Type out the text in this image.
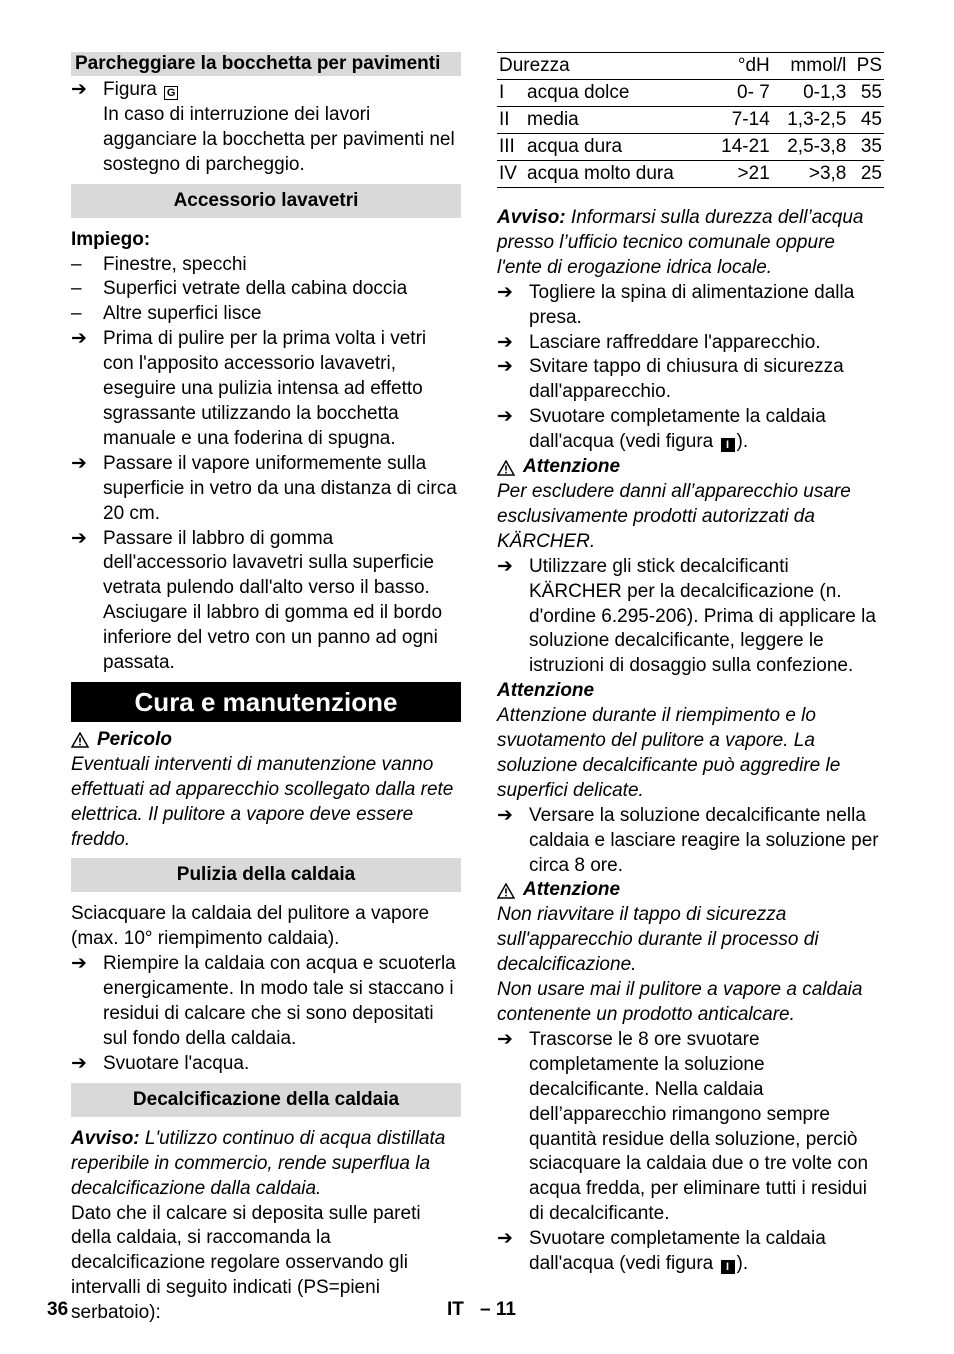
Parcheggiare la bocchetta per pavimenti
➔ Figura G
In caso di interruzione dei lavori agganciare la bocchetta per pavimenti nel sostegno di parcheggio.
Accessorio lavavetri

Impiego:

–	Finestre, specchi
–	Superfici vetrate della cabina doccia
–	Altre superfici lisce
➔ Prima di pulire per la prima volta i vetri con l'apposito accessorio lavavetri, eseguire una pulizia intensa ad effetto sgrassante utilizzando la bocchetta manuale e una foderina di spugna.
➔ Passare il vapore uniformemente sulla superficie in vetro da una distanza di circa 20 cm.
➔ Passare il labbro di gomma dell'accessorio lavavetri sulla superficie vetrata pulendo dall'alto verso il basso. Asciugare il labbro di gomma ed il bordo inferiore del vetro con un panno ad ogni passata.
Cura e manutenzione
Pericolo

Eventuali interventi di manutenzione vanno effettuati ad apparecchio scollegato dalla rete elettrica. Il pulitore a vapore deve essere freddo.

Pulizia della caldaia

Sciacquare la caldaia del pulitore a vapore (max. 10° riempimento caldaia).

➔ Riempire la caldaia con acqua e scuoterla energicamente. In modo tale si staccano i residui di calcare che si sono depositati sul fondo della caldaia.
➔ Svuotare l'acqua.
Decalcificazione della caldaia

Avviso: L'utilizzo continuo di acqua distillata reperibile in commercio, rende superflua la decalcificazione dalla caldaia.

Dato che il calcare si deposita sulle pareti della caldaia, si raccomanda la decalcificazione regolare osservando gli intervalli di seguito indicati (PS=pieni serbatoio):

Durezza		°dH	mmol/l	PS
I	acqua dolce	0- 7	0-1,3	55
II	media	7-14	1,3-2,5	45
III	acqua dura	14-21	2,5-3,8	35
IV	acqua molto dura	>21	>3,8	25

Avviso: Informarsi sulla durezza dell’acqua presso l’ufficio tecnico comunale oppure l'ente di erogazione idrica locale.

➔ Togliere la spina di alimentazione dalla presa.
➔ Lasciare raffreddare l'apparecchio.
➔ Svitare tappo di chiusura di sicurezza dall'apparecchio.
➔ Svuotare completamente la caldaia dall'acqua (vedi figura I ).
Attenzione

Per escludere danni all’apparecchio usare esclusivamente prodotti autorizzati da KÄRCHER.

➔ Utilizzare gli stick decalcificanti KÄRCHER per la decalcificazione (n. d'ordine 6.295-206). Prima di applicare la soluzione decalcificante, leggere le istruzioni di dosaggio sulla confezione.

Attenzione

Attenzione durante il riempimento e lo svuotamento del pulitore a vapore. La soluzione decalcificante può aggredire le superfici delicate.

➔ Versare la soluzione decalcificante nella caldaia e lasciare reagire la soluzione per circa 8 ore.
Attenzione

Non riavvitare il tappo di sicurezza sull'apparecchio durante il processo di decalcificazione.

Non usare mai il pulitore a vapore a caldaia contenente un prodotto anticalcare.

➔ Trascorse le 8 ore svuotare completamente la soluzione decalcificante. Nella caldaia dell’apparecchio rimangono sempre quantità residue della soluzione, perciò sciacquare la caldaia due o tre volte con acqua fredda, per eliminare tutti i residui di decalcificante.
➔ Svuotare completamente la caldaia dall'acqua (vedi figura I ).
36	IT – 11
